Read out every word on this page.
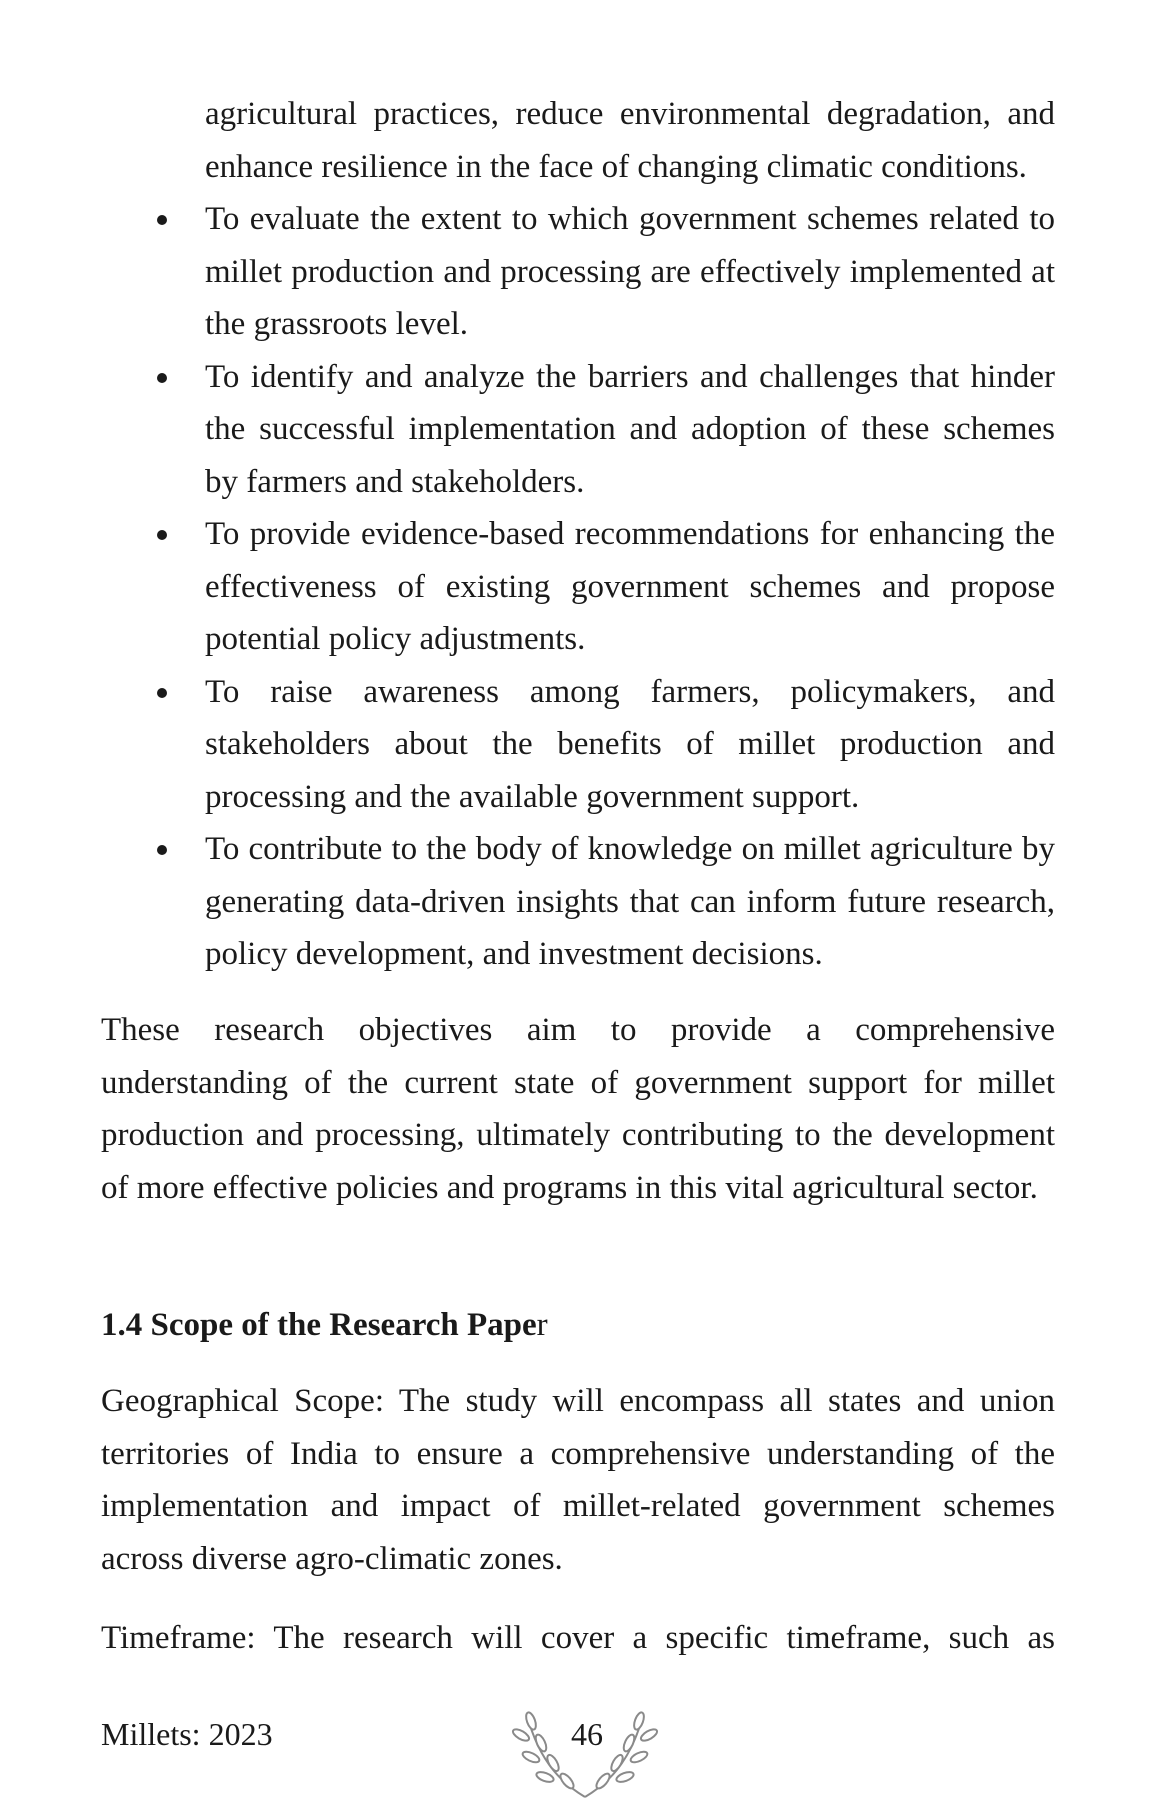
agricultural practices, reduce environmental degradation, and enhance resilience in the face of changing climatic conditions.
To evaluate the extent to which government schemes related to millet production and processing are effectively implemented at the grassroots level.
To identify and analyze the barriers and challenges that hinder the successful implementation and adoption of these schemes by farmers and stakeholders.
To provide evidence-based recommendations for enhancing the effectiveness of existing government schemes and propose potential policy adjustments.
To raise awareness among farmers, policymakers, and stakeholders about the benefits of millet production and processing and the available government support.
To contribute to the body of knowledge on millet agriculture by generating data-driven insights that can inform future research, policy development, and investment decisions.

These research objectives aim to provide a comprehensive understanding of the current state of government support for millet production and processing, ultimately contributing to the development of more effective policies and programs in this vital agricultural sector.

1.4 Scope of the Research Paper

Geographical Scope: The study will encompass all states and union territories of India to ensure a comprehensive understanding of the implementation and impact of millet-related government schemes across diverse agro-climatic zones.

Timeframe: The research will cover a specific timeframe, such as

Millets: 2023	46
